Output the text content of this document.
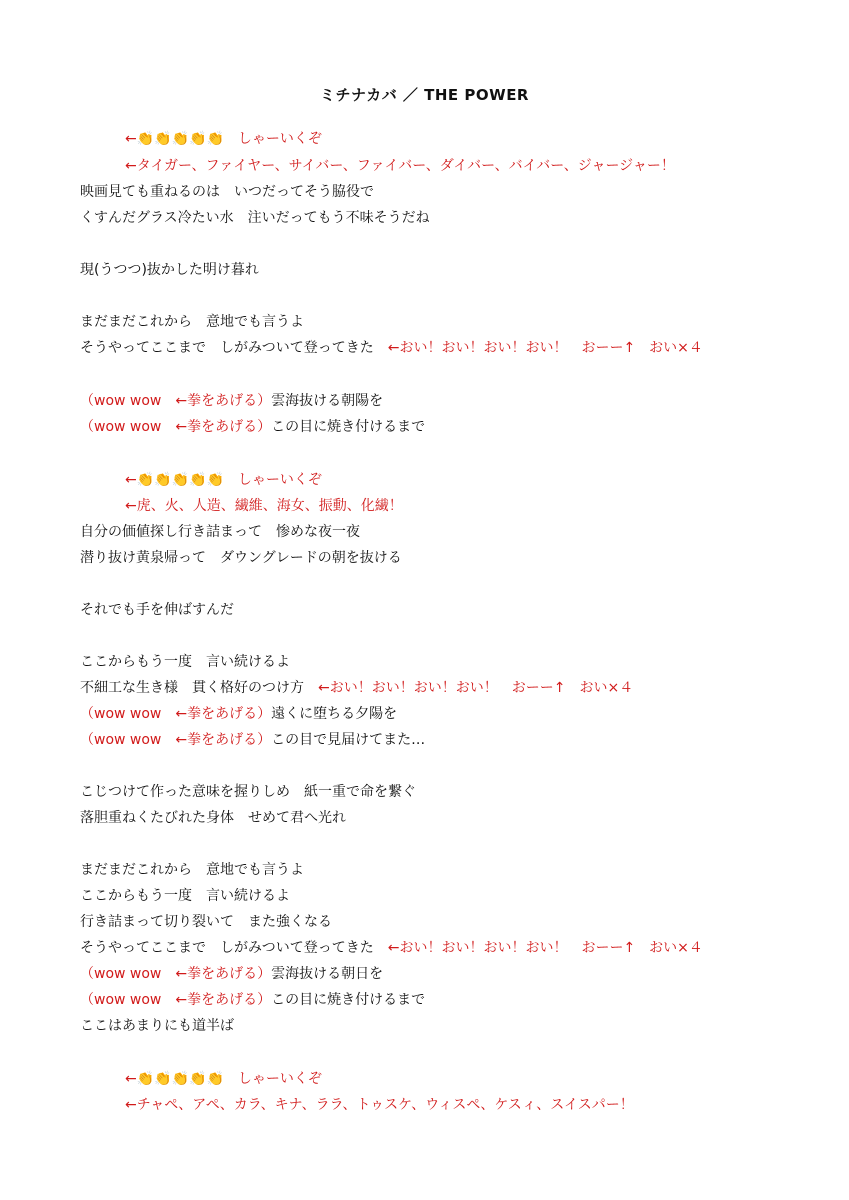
ミチナカバ ／ THE POWER
←👏👏👏👏👏　しゃーいくぞ
←タイガー、ファイヤー、サイバー、ファイバー、ダイバー、バイバー、ジャージャー！
映画見ても重ねるのは　いつだってそう脇役で
くすんだグラス冷たい水　注いだってもう不味そうだね
現(うつつ)抜かした明け暮れ
まだまだこれから　意地でも言うよ
そうやってここまで　しがみついて登ってきた　←おい！おい！おい！おい！　おーー↑　おい×４
（wow wow　←拳をあげる）雲海抜ける朝陽を
（wow wow　←拳をあげる）この目に焼き付けるまで
←👏👏👏👏👏　しゃーいくぞ
←虎、火、人造、繊維、海女、振動、化繊！
自分の価値探し行き詰まって　惨めな夜一夜
潜り抜け黄泉帰って　ダウングレードの朝を抜ける
それでも手を伸ばすんだ
ここからもう一度　言い続けるよ
不細工な生き様　貫く格好のつけ方　←おい！おい！おい！おい！　おーー↑　おい×４
（wow wow　←拳をあげる）遠くに堕ちる夕陽を
（wow wow　←拳をあげる）この目で見届けてまた…
こじつけて作った意味を握りしめ　紙一重で命を繋ぐ
落胆重ねくたびれた身体　せめて君へ光れ
まだまだこれから　意地でも言うよ
ここからもう一度　言い続けるよ
行き詰まって切り裂いて　また強くなる
そうやってここまで　しがみついて登ってきた　←おい！おい！おい！おい！　おーー↑　おい×４
（wow wow　←拳をあげる）雲海抜ける朝日を
（wow wow　←拳をあげる）この目に焼き付けるまで
ここはあまりにも道半ば
←👏👏👏👏👏　しゃーいくぞ
←チャペ、アペ、カラ、キナ、ララ、トゥスケ、ウィスペ、ケスィ、スイスパー！
